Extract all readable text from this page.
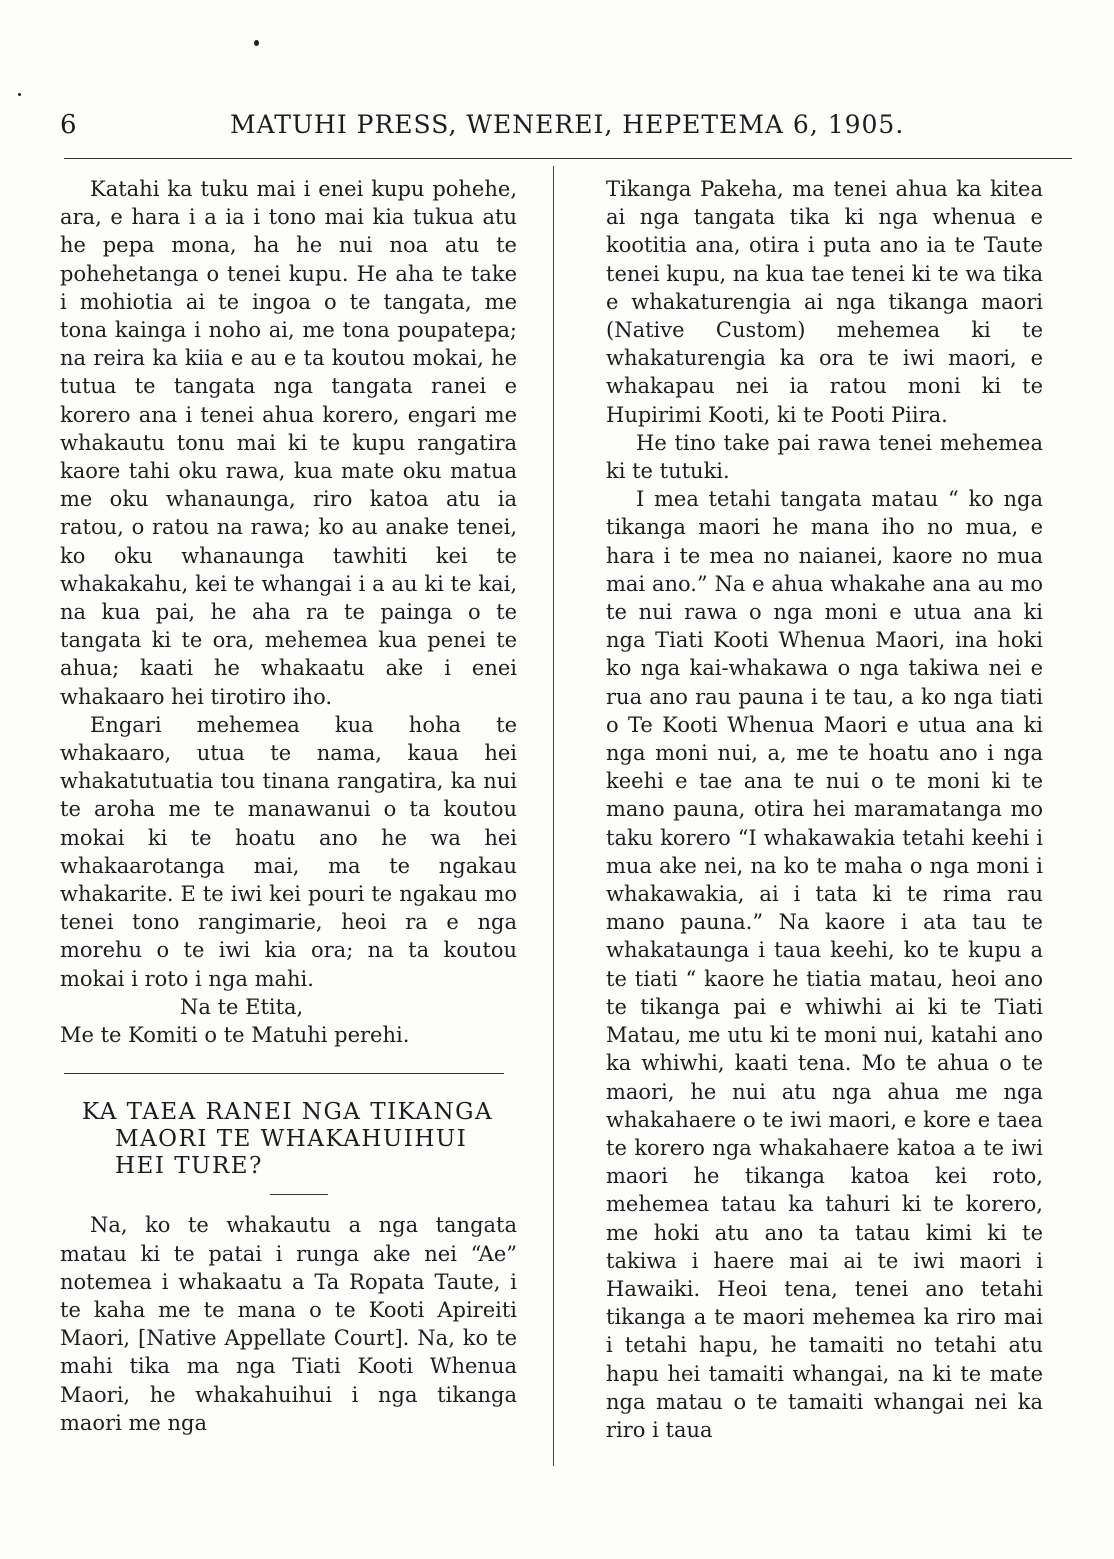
6	MATUHI PRESS, WENEREI, HEPETEMA 6, 1905.

Katahi ka tuku mai i enei kupu pohehe, ara, e hara i a ia i tono mai kia tukua atu he pepa mona, ha he nui noa atu te pohehetanga o tenei kupu. He aha te take i mohiotia ai te ingoa o te tangata, me tona kainga i noho ai, me tona poupatepa; na reira ka kiia e au e ta koutou mokai, he tutua te tangata nga tangata ranei e korero ana i tenei ahua korero, engari me whakautu tonu mai ki te kupu rangatira kaore tahi oku rawa, kua mate oku matua me oku whanaunga, riro katoa atu ia ratou, o ratou na rawa; ko au anake tenei, ko oku whanaunga tawhiti kei te whakakahu, kei te whangai i a au ki te kai, na kua pai, he aha ra te painga o te tangata ki te ora, mehemea kua penei te ahua; kaati he whakaatu ake i enei whakaaro hei tirotiro iho.

Engari mehemea kua hoha te whakaaro, utua te nama, kaua hei whakatutuatia tou tinana rangatira, ka nui te aroha me te manawanui o ta koutou mokai ki te hoatu ano he wa hei whakaarotanga mai, ma te ngakau whakarite. E te iwi kei pouri te ngakau mo tenei tono rangimarie, heoi ra e nga morehu o te iwi kia ora; na ta koutou mokai i roto i nga mahi.

Na te Etita,

Me te Komiti o te Matuhi perehi.

KA TAEA RANEI NGA TIKANGA
MAORI TE WHAKAHUIHUI
HEI TURE?

Na, ko te whakautu a nga tangata matau ki te patai i runga ake nei “Ae” notemea i whakaatu a Ta Ropata Taute, i te kaha me te mana o te Kooti Apireiti Maori, [Native Appellate Court]. Na, ko te mahi tika ma nga Tiati Kooti Whenua Maori, he whakahuihui i nga tikanga maori me nga

Tikanga Pakeha, ma tenei ahua ka kitea ai nga tangata tika ki nga whenua e kootitia ana, otira i puta ano ia te Taute tenei kupu, na kua tae tenei ki te wa tika e whakaturengia ai nga tikanga maori (Native Custom) mehemea ki te whakaturengia ka ora te iwi maori, e whakapau nei ia ratou moni ki te Hupirimi Kooti, ki te Pooti Piira.

He tino take pai rawa tenei mehemea ki te tutuki.

I mea tetahi tangata matau “ ko nga tikanga maori he mana iho no mua, e hara i te mea no naianei, kaore no mua mai ano.” Na e ahua whakahe ana au mo te nui rawa o nga moni e utua ana ki nga Tiati Kooti Whenua Maori, ina hoki ko nga kai-whakawa o nga takiwa nei e rua ano rau pauna i te tau, a ko nga tiati o Te Kooti Whenua Maori e utua ana ki nga moni nui, a, me te hoatu ano i nga keehi e tae ana te nui o te moni ki te mano pauna, otira hei maramatanga mo taku korero “I whakawakia tetahi keehi i mua ake nei, na ko te maha o nga moni i whakawakia, ai i tata ki te rima rau mano pauna.” Na kaore i ata tau te whakataunga i taua keehi, ko te kupu a te tiati “ kaore he tiatia matau, heoi ano te tikanga pai e whiwhi ai ki te Tiati Matau, me utu ki te moni nui, katahi ano ka whiwhi, kaati tena. Mo te ahua o te maori, he nui atu nga ahua me nga whakahaere o te iwi maori, e kore e taea te korero nga whakahaere katoa a te iwi maori he tikanga katoa kei roto, mehemea tatau ka tahuri ki te korero, me hoki atu ano ta tatau kimi ki te takiwa i haere mai ai te iwi maori i Hawaiki. Heoi tena, tenei ano tetahi tikanga a te maori mehemea ka riro mai i tetahi hapu, he tamaiti no tetahi atu hapu hei tamaiti whangai, na ki te mate nga matau o te tamaiti whangai nei ka riro i taua
